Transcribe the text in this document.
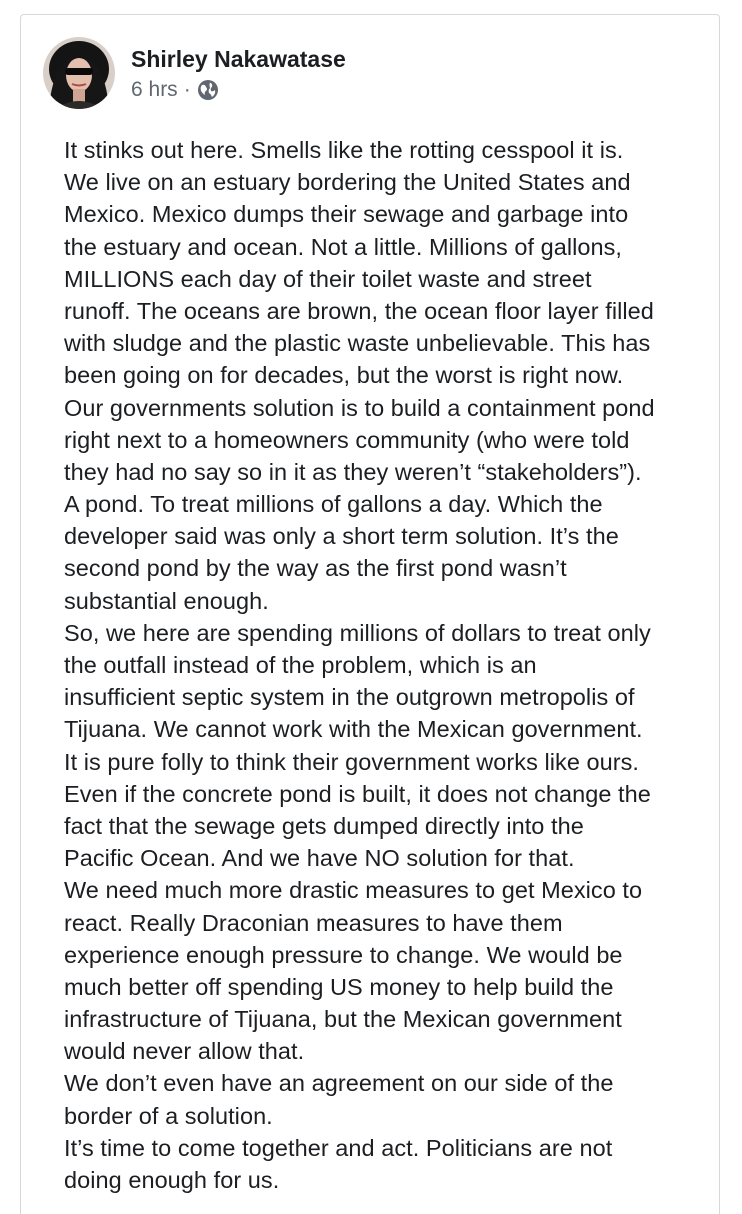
Shirley Nakawatase
6 hrs ·
It stinks out here. Smells like the rotting cesspool it is.
We live on an estuary bordering the United States and
Mexico. Mexico dumps their sewage and garbage into
the estuary and ocean. Not a little. Millions of gallons,
MILLIONS each day of their toilet waste and street
runoff. The oceans are brown, the ocean floor layer filled
with sludge and the plastic waste unbelievable. This has
been going on for decades, but the worst is right now.
Our governments solution is to build a containment pond
right next to a homeowners community (who were told
they had no say so in it as they weren’t “stakeholders”).
A pond. To treat millions of gallons a day. Which the
developer said was only a short term solution. It’s the
second pond by the way as the first pond wasn’t
substantial enough.
So, we here are spending millions of dollars to treat only
the outfall instead of the problem, which is an
insufficient septic system in the outgrown metropolis of
Tijuana. We cannot work with the Mexican government.
It is pure folly to think their government works like ours.
Even if the concrete pond is built, it does not change the
fact that the sewage gets dumped directly into the
Pacific Ocean. And we have NO solution for that.
We need much more drastic measures to get Mexico to
react. Really Draconian measures to have them
experience enough pressure to change. We would be
much better off spending US money to help build the
infrastructure of Tijuana, but the Mexican government
would never allow that.
We don’t even have an agreement on our side of the
border of a solution.
It’s time to come together and act. Politicians are not
doing enough for us.
